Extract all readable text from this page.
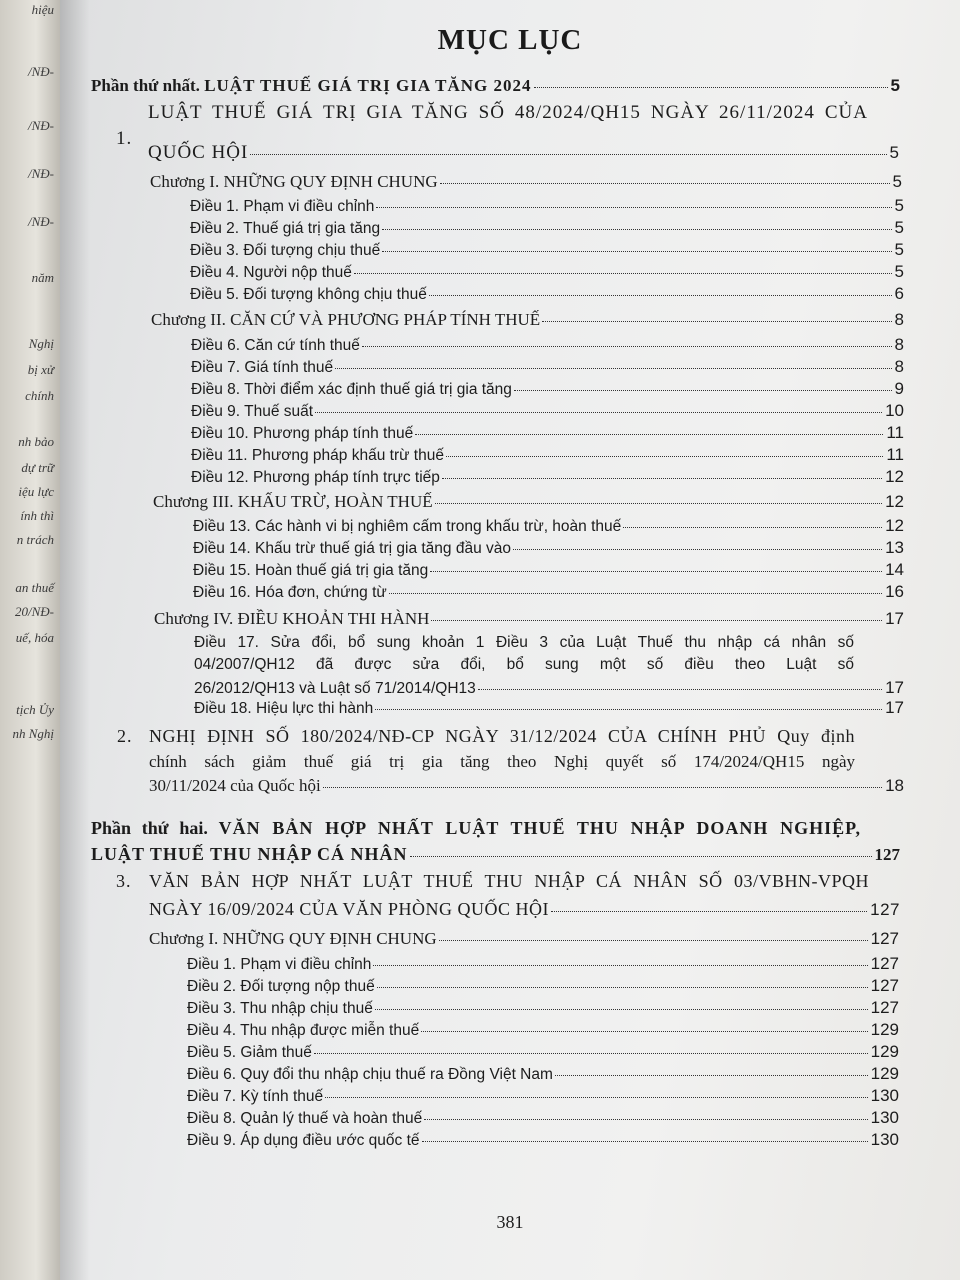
hiệu
/NĐ-
/NĐ-
/NĐ-
/NĐ-
năm
Nghị
bị xử
chính
nh bảo
dự trữ
iệu lực
ính thì
n trách
an thuế
20/NĐ-
uế, hóa
tịch Ủy
nh Nghị
MỤC LỤC
Phần thứ nhất. LUẬT THUẾ GIÁ TRỊ GIA TĂNG 2024	5
1.
LUẬT THUẾ GIÁ TRỊ GIA TĂNG SỐ 48/2024/QH15 NGÀY 26/11/2024 CỦA
QUỐC HỘI	5
Chương I. NHỮNG QUY ĐỊNH CHUNG	5
Điều 1. Phạm vi điều chỉnh	5
Điều 2. Thuế giá trị gia tăng	5
Điều 3. Đối tượng chịu thuế	5
Điều 4. Người nộp thuế	5
Điều 5. Đối tượng không chịu thuế	6
Chương II. CĂN CỨ VÀ PHƯƠNG PHÁP TÍNH THUẾ	8
Điều 6. Căn cứ tính thuế	8
Điều 7. Giá tính thuế	8
Điều 8. Thời điểm xác định thuế giá trị gia tăng	9
Điều 9. Thuế suất	10
Điều 10. Phương pháp tính thuế	11
Điều 11. Phương pháp khấu trừ thuế	11
Điều 12. Phương pháp tính trực tiếp	12
Chương III. KHẤU TRỪ, HOÀN THUẾ	12
Điều 13. Các hành vi bị nghiêm cấm trong khấu trừ, hoàn thuế	12
Điều 14. Khấu trừ thuế giá trị gia tăng đầu vào	13
Điều 15. Hoàn thuế giá trị gia tăng	14
Điều 16. Hóa đơn, chứng từ	16
Chương IV. ĐIỀU KHOẢN THI HÀNH	17
Điều 17. Sửa đổi, bổ sung khoản 1 Điều 3 của Luật Thuế thu nhập cá nhân số
04/2007/QH12 đã được sửa đổi, bổ sung một số điều theo Luật số
26/2012/QH13 và Luật số 71/2014/QH13	17
Điều 18. Hiệu lực thi hành	17
2. NGHỊ ĐỊNH SỐ 180/2024/NĐ-CP NGÀY 31/12/2024 CỦA CHÍNH PHỦ Quy định
chính sách giảm thuế giá trị gia tăng theo Nghị quyết số 174/2024/QH15 ngày
30/11/2024 của Quốc hội	18
Phần thứ hai. VĂN BẢN HỢP NHẤT LUẬT THUẾ THU NHẬP DOANH NGHIỆP,
LUẬT THUẾ THU NHẬP CÁ NHÂN	127
3. VĂN BẢN HỢP NHẤT LUẬT THUẾ THU NHẬP CÁ NHÂN SỐ 03/VBHN-VPQH
NGÀY 16/09/2024 CỦA VĂN PHÒNG QUỐC HỘI	127
Chương I. NHỮNG QUY ĐỊNH CHUNG	127
Điều 1. Phạm vi điều chỉnh	127
Điều 2. Đối tượng nộp thuế	127
Điều 3. Thu nhập chịu thuế	127
Điều 4. Thu nhập được miễn thuế	129
Điều 5. Giảm thuế	129
Điều 6. Quy đổi thu nhập chịu thuế ra Đồng Việt Nam	129
Điều 7. Kỳ tính thuế	130
Điều 8. Quản lý thuế và hoàn thuế	130
Điều 9. Áp dụng điều ước quốc tế	130
381
